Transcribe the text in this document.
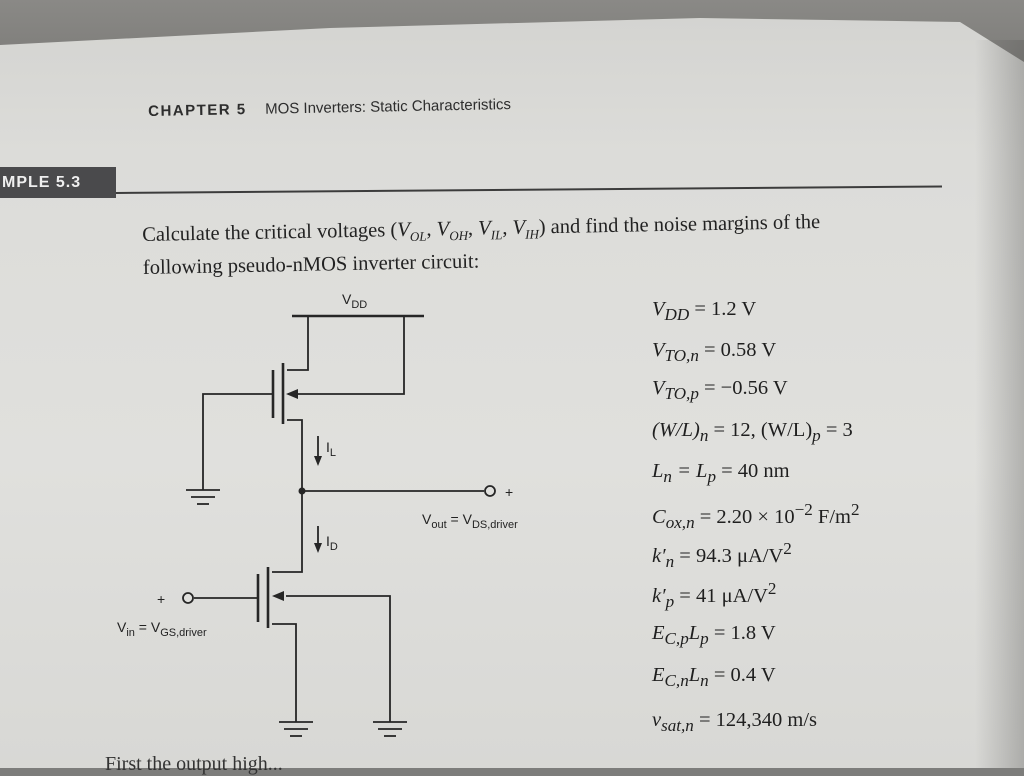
CHAPTER 5 MOS Inverters: Static Characteristics
MPLE 5.3

Calculate the critical voltages ($V_{OL}$, $V_{OH}$, $V_{IL}$, $V_{IH}$) and find the noise margins of the

following pseudo-nMOS inverter circuit:

$V_{DD}$
$I_L$
+
$V_{out} = V_{DS,driver}$
$I_D$
+
$V_{in} = V_{GS,driver}$
$V_{DD} = 1.2$ V
$V_{TO,n} = 0.58$ V
$V_{TO,p} = -0.56$ V
$(W/L)_n = 12$, $(W/L)_p = 3$
$L_n = L_p = 40$ nm
$C_{ox,n} = 2.20 \times 10^{-2}$ $F/m^2$
$k'_n = 94.3$ $\mu A/V^2$
$k'_p = 41$ $\mu A/V^2$
$E_{C,p}L_p = 1.8$ V
$E_{C,n}L_n = 0.4$ V
$v_{sat,n} = 124,340$ m/s
First the output high...
